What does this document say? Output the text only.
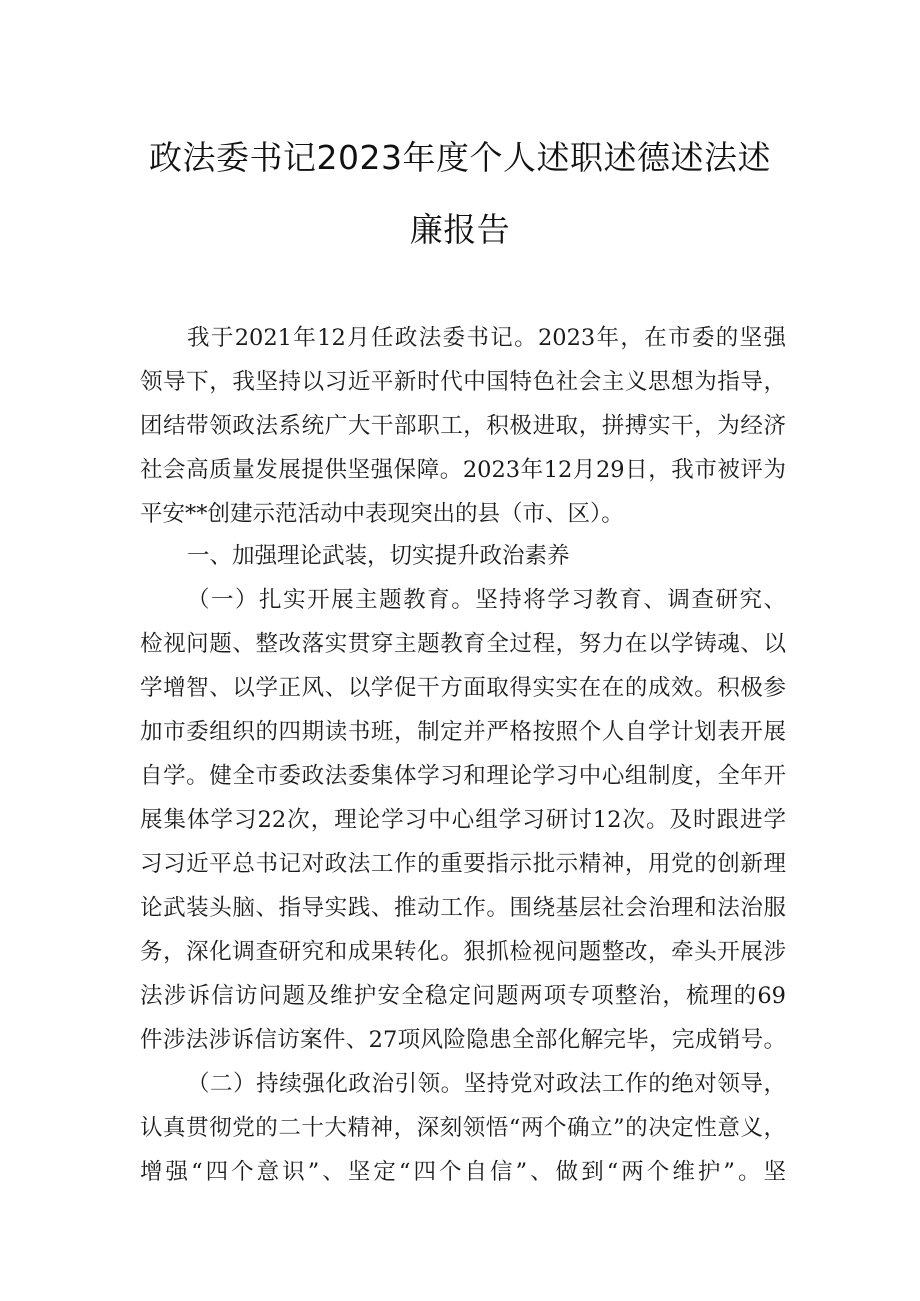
政法委书记2023年度个人述职述德述法述
廉报告
我于2021年12月任政法委书记。2023年，在市委的坚强
领导下，我坚持以习近平新时代中国特色社会主义思想为指导，
团结带领政法系统广大干部职工，积极进取，拼搏实干，为经济
社会高质量发展提供坚强保障。2023年12月29日，我市被评为
平安**创建示范活动中表现突出的县（市、区）。
一、加强理论武装，切实提升政治素养
（一）扎实开展主题教育。坚持将学习教育、调查研究、
检视问题、整改落实贯穿主题教育全过程，努力在以学铸魂、以
学增智、以学正风、以学促干方面取得实实在在的成效。积极参
加市委组织的四期读书班，制定并严格按照个人自学计划表开展
自学。健全市委政法委集体学习和理论学习中心组制度，全年开
展集体学习22次，理论学习中心组学习研讨12次。及时跟进学
习习近平总书记对政法工作的重要指示批示精神，用党的创新理
论武装头脑、指导实践、推动工作。围绕基层社会治理和法治服
务，深化调查研究和成果转化。狠抓检视问题整改，牵头开展涉
法涉诉信访问题及维护安全稳定问题两项专项整治，梳理的69
件涉法涉诉信访案件、27项风险隐患全部化解完毕，完成销号。
（二）持续强化政治引领。坚持党对政法工作的绝对领导，
认真贯彻党的二十大精神，深刻领悟“两个确立”的决定性意义，
增强“四个意识”、坚定“四个自信”、做到“两个维护”。坚
